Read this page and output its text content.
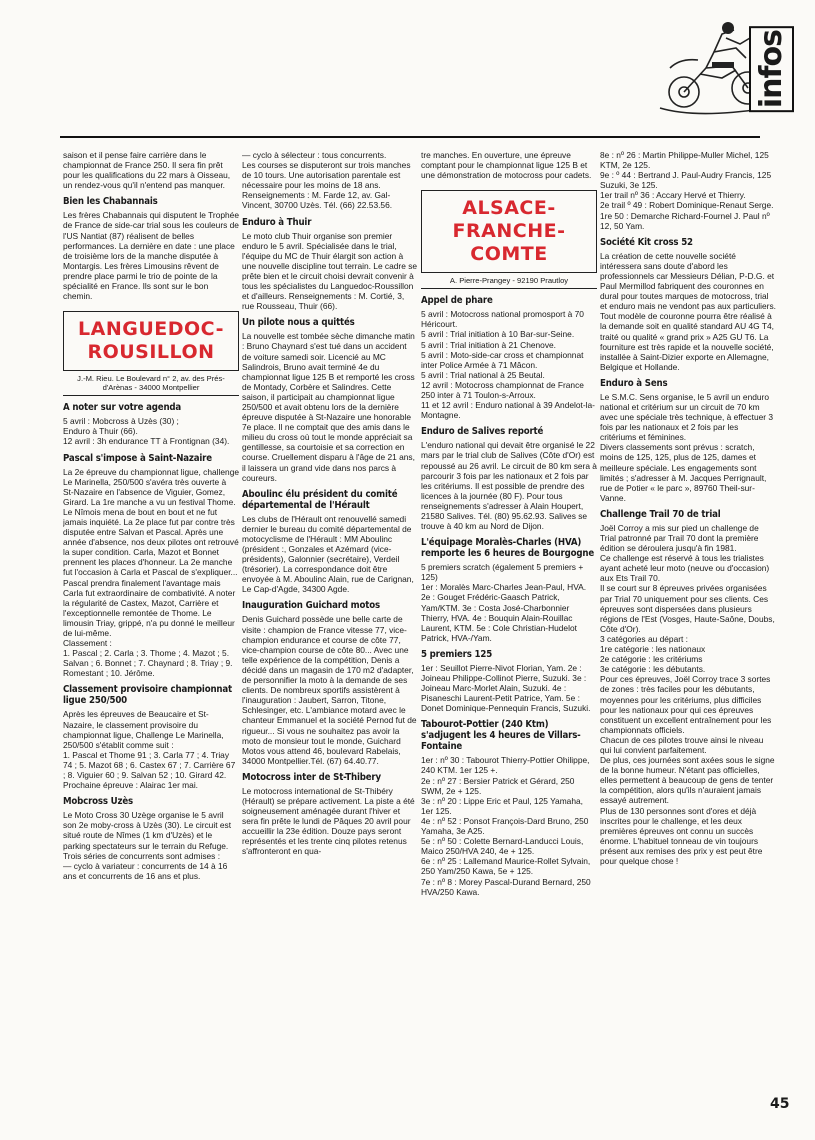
infos

saison et il pense faire carrière dans le championnat de France 250. Il sera fin prêt pour les qualifications du 22 mars à Oisseau, un rendez-vous qu'il n'entend pas manquer.

Bien les Chabannais

Les frères Chabannais qui disputent le Trophée de France de side-car trial sous les couleurs de l'US Nantiat (87) réalisent de belles performances. La dernière en date : une place de troisième lors de la manche disputée à Montargis. Les frères Limousins rêvent de prendre place parmi le trio de pointe de la spécialité en France. Ils sont sur le bon chemin.

LANGUEDOC-
ROUSILLON
J.-M. Rieu. Le Boulevard n° 2, av. des Prés-d'Arènas - 34000 Montpellier
A noter sur votre agenda

5 avril : Mobcross à Uzès (30) ;
Enduro à Thuir (66).
12 avril : 3h endurance TT à Frontignan (34).

Pascal s'impose à Saint-Nazaire

La 2e épreuve du championnat ligue, challenge Le Marinella, 250/500 s'avéra très ouverte à St-Nazaire en l'absence de Viguier, Gomez, Girard. La 1re manche a vu un festival Thome. Le Nîmois mena de bout en bout et ne fut jamais inquiété. La 2e place fut par contre très disputée entre Salvan et Pascal. Après une année d'absence, nos deux pilotes ont retrouvé la super condition. Carla, Mazot et Bonnet prennent les places d'honneur. La 2e manche fut l'occasion à Carla et Pascal de s'expliquer... Pascal prendra finalement l'avantage mais Carla fut extraordinaire de combativité. A noter la régularité de Castex, Mazot, Carrière et l'exceptionnelle remontée de Thome. Le limousin Triay, grippé, n'a pu donné le meilleur de lui-même.
Classement :
1. Pascal ; 2. Carla ; 3. Thome ; 4. Mazot ; 5. Salvan ; 6. Bonnet ; 7. Chaynard ; 8. Triay ; 9. Romestant ; 10. Jérôme.

Classement provisoire championnat ligue 250/500

Après les épreuves de Beaucaire et St-Nazaire, le classement provisoire du championnat ligue, Challenge Le Marinella, 250/500 s'établit comme suit :
1. Pascal et Thome 91 ; 3. Carla 77 ; 4. Triay 74 ; 5. Mazot 68 ; 6. Castex 67 ; 7. Carrière 67 ; 8. Viguier 60 ; 9. Salvan 52 ; 10. Girard 42.
Prochaine épreuve : Alairac 1er mai.

Mobcross Uzès

Le Moto Cross 30 Uzège organise le 5 avril son 2e moby-cross à Uzès (30). Le circuit est situé route de Nîmes (1 km d'Uzès) et le parking spectateurs sur le terrain du Refuge. Trois séries de concurrents sont admises :
— cyclo à variateur : concurrents de 14 à 16 ans et concurrents de 16 ans et plus.

— cyclo à sélecteur : tous concurrents.
Les courses se disputeront sur trois manches de 10 tours. Une autorisation parentale est nécessaire pour les moins de 18 ans. Renseignements : M. Farde 12, av. Gal-Vincent, 30700 Uzès. Tél. (66) 22.53.56.

Enduro à Thuir

Le moto club Thuir organise son premier enduro le 5 avril. Spécialisée dans le trial, l'équipe du MC de Thuir élargit son action à une nouvelle discipline tout terrain. Le cadre se prête bien et le circuit choisi devrait convenir à tous les spécialistes du Languedoc-Roussillon et d'ailleurs. Renseignements : M. Cortié, 3, rue Rousseau, Thuir (66).

Un pilote nous a quittés

La nouvelle est tombée sèche dimanche matin : Bruno Chaynard s'est tué dans un accident de voiture samedi soir. Licencié au MC Salindrois, Bruno avait terminé 4e du championnat ligue 125 B et remporté les cross de Montady, Corbère et Salindres. Cette saison, il participait au championnat ligue 250/500 et avait obtenu lors de la dernière épreuve disputée à St-Nazaire une honorable 7e place. Il ne comptait que des amis dans le milieu du cross où tout le monde appréciait sa gentillesse, sa courtoisie et sa correction en course. Cruellement disparu à l'âge de 21 ans, il laissera un grand vide dans nos parcs à coureurs.

Aboulinc élu président du comité départemental de l'Hérault

Les clubs de l'Hérault ont renouvellé samedi dernier le bureau du comité départemental de motocyclisme de l'Hérault : MM Aboulinc (président :, Gonzales et Azémard (vice-présidents), Galonnier (secrétaire), Verdeil (trésorier). La correspondance doit être envoyée à M. Aboulinc Alain, rue de Carignan, Le Cap-d'Agde, 34300 Agde.

Inauguration Guichard motos

Denis Guichard possède une belle carte de visite : champion de France vitesse 77, vice-champion endurance et course de côte 77, vice-champion course de côte 80... Avec une telle expérience de la compétition, Denis a décidé dans un magasin de 170 m2 d'adapter, de personnifier la moto à la demande de ses clients. De nombreux sportifs assistèrent à l'inauguration : Jaubert, Sarron, Titone, Schlesinger, etc. L'ambiance motard avec le chanteur Emmanuel et la société Pernod fut de rigueur... Si vous ne souhaitez pas avoir la moto de monsieur tout le monde, Guichard Motos vous attend 46, boulevard Rabelais, 34000 Montpellier.Tél. (67) 64.40.77.

Motocross inter de St-Thibery

Le motocross international de St-Thibéry (Hérault) se prépare activement. La piste a été soigneusement aménagée durant l'hiver et sera fin prête le lundi de Pâques 20 avril pour accueillir la 23e édition. Douze pays seront représentés et les trente cinq pilotes retenus s'affronteront en qua-

tre manches. En ouverture, une épreuve comptant pour le championnat ligue 125 B et une démonstration de motocross pour cadets.

ALSACE-
FRANCHE-
COMTE
A. Pierre-Prangey - 92190 Prautloy
Appel de phare

5 avril : Motocross national promosport à 70 Héricourt.
5 avril : Trial initiation à 10 Bar-sur-Seine.
5 avril : Trial initiation à 21 Chenove.
5 avril : Moto-side-car cross et championnat inter Police Armée à 71 Mâcon.
5 avril : Trial national à 25 Beutal.
12 avril : Motocross championnat de France 250 inter à 71 Toulon-s-Arroux.
11 et 12 avril : Enduro national à 39 Andelot-la-Montagne.

Enduro de Salives reporté

L'enduro national qui devait être organisé le 22 mars par le trial club de Salives (Côte d'Or) est repoussé au 26 avril. Le circuit de 80 km sera à parcourir 3 fois par les nationaux et 2 fois par les critériums. Il est possible de prendre des licences à la journée (80 F). Pour tous renseignements s'adresser à Alain Houpert, 21580 Salives. Tél. (80) 95.62.93. Salives se trouve à 40 km au Nord de Dijon.

L'équipage Moralès-Charles (HVA) remporte les 6 heures de Bourgogne

5 premiers scratch (également 5 premiers + 125)
1er : Moralès Marc-Charles Jean-Paul, HVA. 2e : Gouget Frédéric-Gaasch Patrick, Yam/KTM. 3e : Costa José-Charbonnier Thierry, HVA. 4e : Bouquin Alain-Rouillac Laurent, KTM. 5e : Cole Christian-Hudelot Patrick, HVA-/Yam.

5 premiers 125

1er : Seuillot Pierre-Nivot Florian, Yam. 2e : Joineau Philippe-Collinot Pierre, Suzuki. 3e : Joineau Marc-Morlet Alain, Suzuki. 4e : Pisaneschi Laurent-Petit Patrice, Yam. 5e : Donet Dominique-Pennequin Francis, Suzuki.

Tabourot-Pottier (240 Ktm) s'adjugent les 4 heures de Villars-Fontaine

1er : nº 30 : Tabourot Thierry-Pottier Ohilippe, 240 KTM. 1er 125 +.
2e : nº 27 : Bersier Patrick et Gérard, 250 SWM, 2e + 125.
3e : nº 20 : Lippe Eric et Paul, 125 Yamaha, 1er 125.
4e : nº 52 : Ponsot François-Dard Bruno, 250 Yamaha, 3e A25.
5e : nº 50 : Colette Bernard-Landucci Louis, Maico 250/HVA 240, 4e + 125.
6e : nº 25 : Lallemand Maurice-Rollet Sylvain, 250 Yam/250 Kawa, 5e + 125.
7e : nº 8 : Morey Pascal-Durand Bernard, 250 HVA/250 Kawa.

8e : nº 26 : Martin Philippe-Muller Michel, 125 KTM, 2e 125.
9e : º 44 : Bertrand J. Paul-Audry Francis, 125 Suzuki, 3e 125.
1er trail nº 36 : Accary Hervé et Thierry.
2e trail º 49 : Robert Dominique-Renaut Serge.
1re 50 : Demarche Richard-Fournel J. Paul nº 12, 50 Yam.

Société Kit cross 52

La création de cette nouvelle société intéressera sans doute d'abord les professionnels car Messieurs Délian, P-D.G. et Paul Mermillod fabriquent des couronnes en dural pour toutes marques de motocross, trial et enduro mais ne vendont pas aux particuliers. Tout modèle de couronne pourra être réalisé à la demande soit en qualité standard AU 4G T4, traité ou qualité « grand prix » A25 GU T6. La fourniture est très rapide et la nouvelle société, installée à Saint-Dizier exporte en Allemagne, Belgique et Hollande.

Enduro à Sens

Le S.M.C. Sens organise, le 5 avril un enduro national et critérium sur un circuit de 70 km avec une spéciale très technique, à effectuer 3 fois par les nationaux et 2 fois par les critériums et féminines.
Divers classements sont prévus : scratch, moins de 125, 125, plus de 125, dames et meilleure spéciale. Les engagements sont limités ; s'adresser à M. Jacques Perrignault, rue de Potier « le parc », 89760 Theil-sur-Vanne.

Challenge Trail 70 de trial

Joël Corroy a mis sur pied un challenge de Trial patronné par Trail 70 dont la première édition se déroulera jusqu'à fin 1981.
Ce challenge est réservé à tous les trialistes ayant acheté leur moto (neuve ou d'occasion) aux Ets Trail 70.
Il se court sur 8 épreuves privées organisées par Trial 70 uniquement pour ses clients. Ces épreuves sont dispersées dans plusieurs régions de l'Est (Vosges, Haute-Saône, Doubs, Côte d'Or).
3 catégories au départ :
1re catégorie : les nationaux
2e catégorie : les critériums
3e catégorie : les débutants.
Pour ces épreuves, Joël Corroy trace 3 sortes de zones : très faciles pour les débutants, moyennes pour les critériums, plus difficiles pour les nationaux pour qui ces épreuves constituent un excellent entraînement pour les championnats officiels.
Chacun de ces pilotes trouve ainsi le niveau qui lui convient parfaitement.
De plus, ces journées sont axées sous le signe de la bonne humeur. N'étant pas officielles, elles permettent à beaucoup de gens de tenter la compétition, alors qu'ils n'auraient jamais essayé autrement.
Plus de 130 personnes sont d'ores et déjà inscrites pour le challenge, et les deux premières épreuves ont connu un succès énorme. L'habituel tonneau de vin toujours présent aux remises des prix y est peut être pour quelque chose !

45
